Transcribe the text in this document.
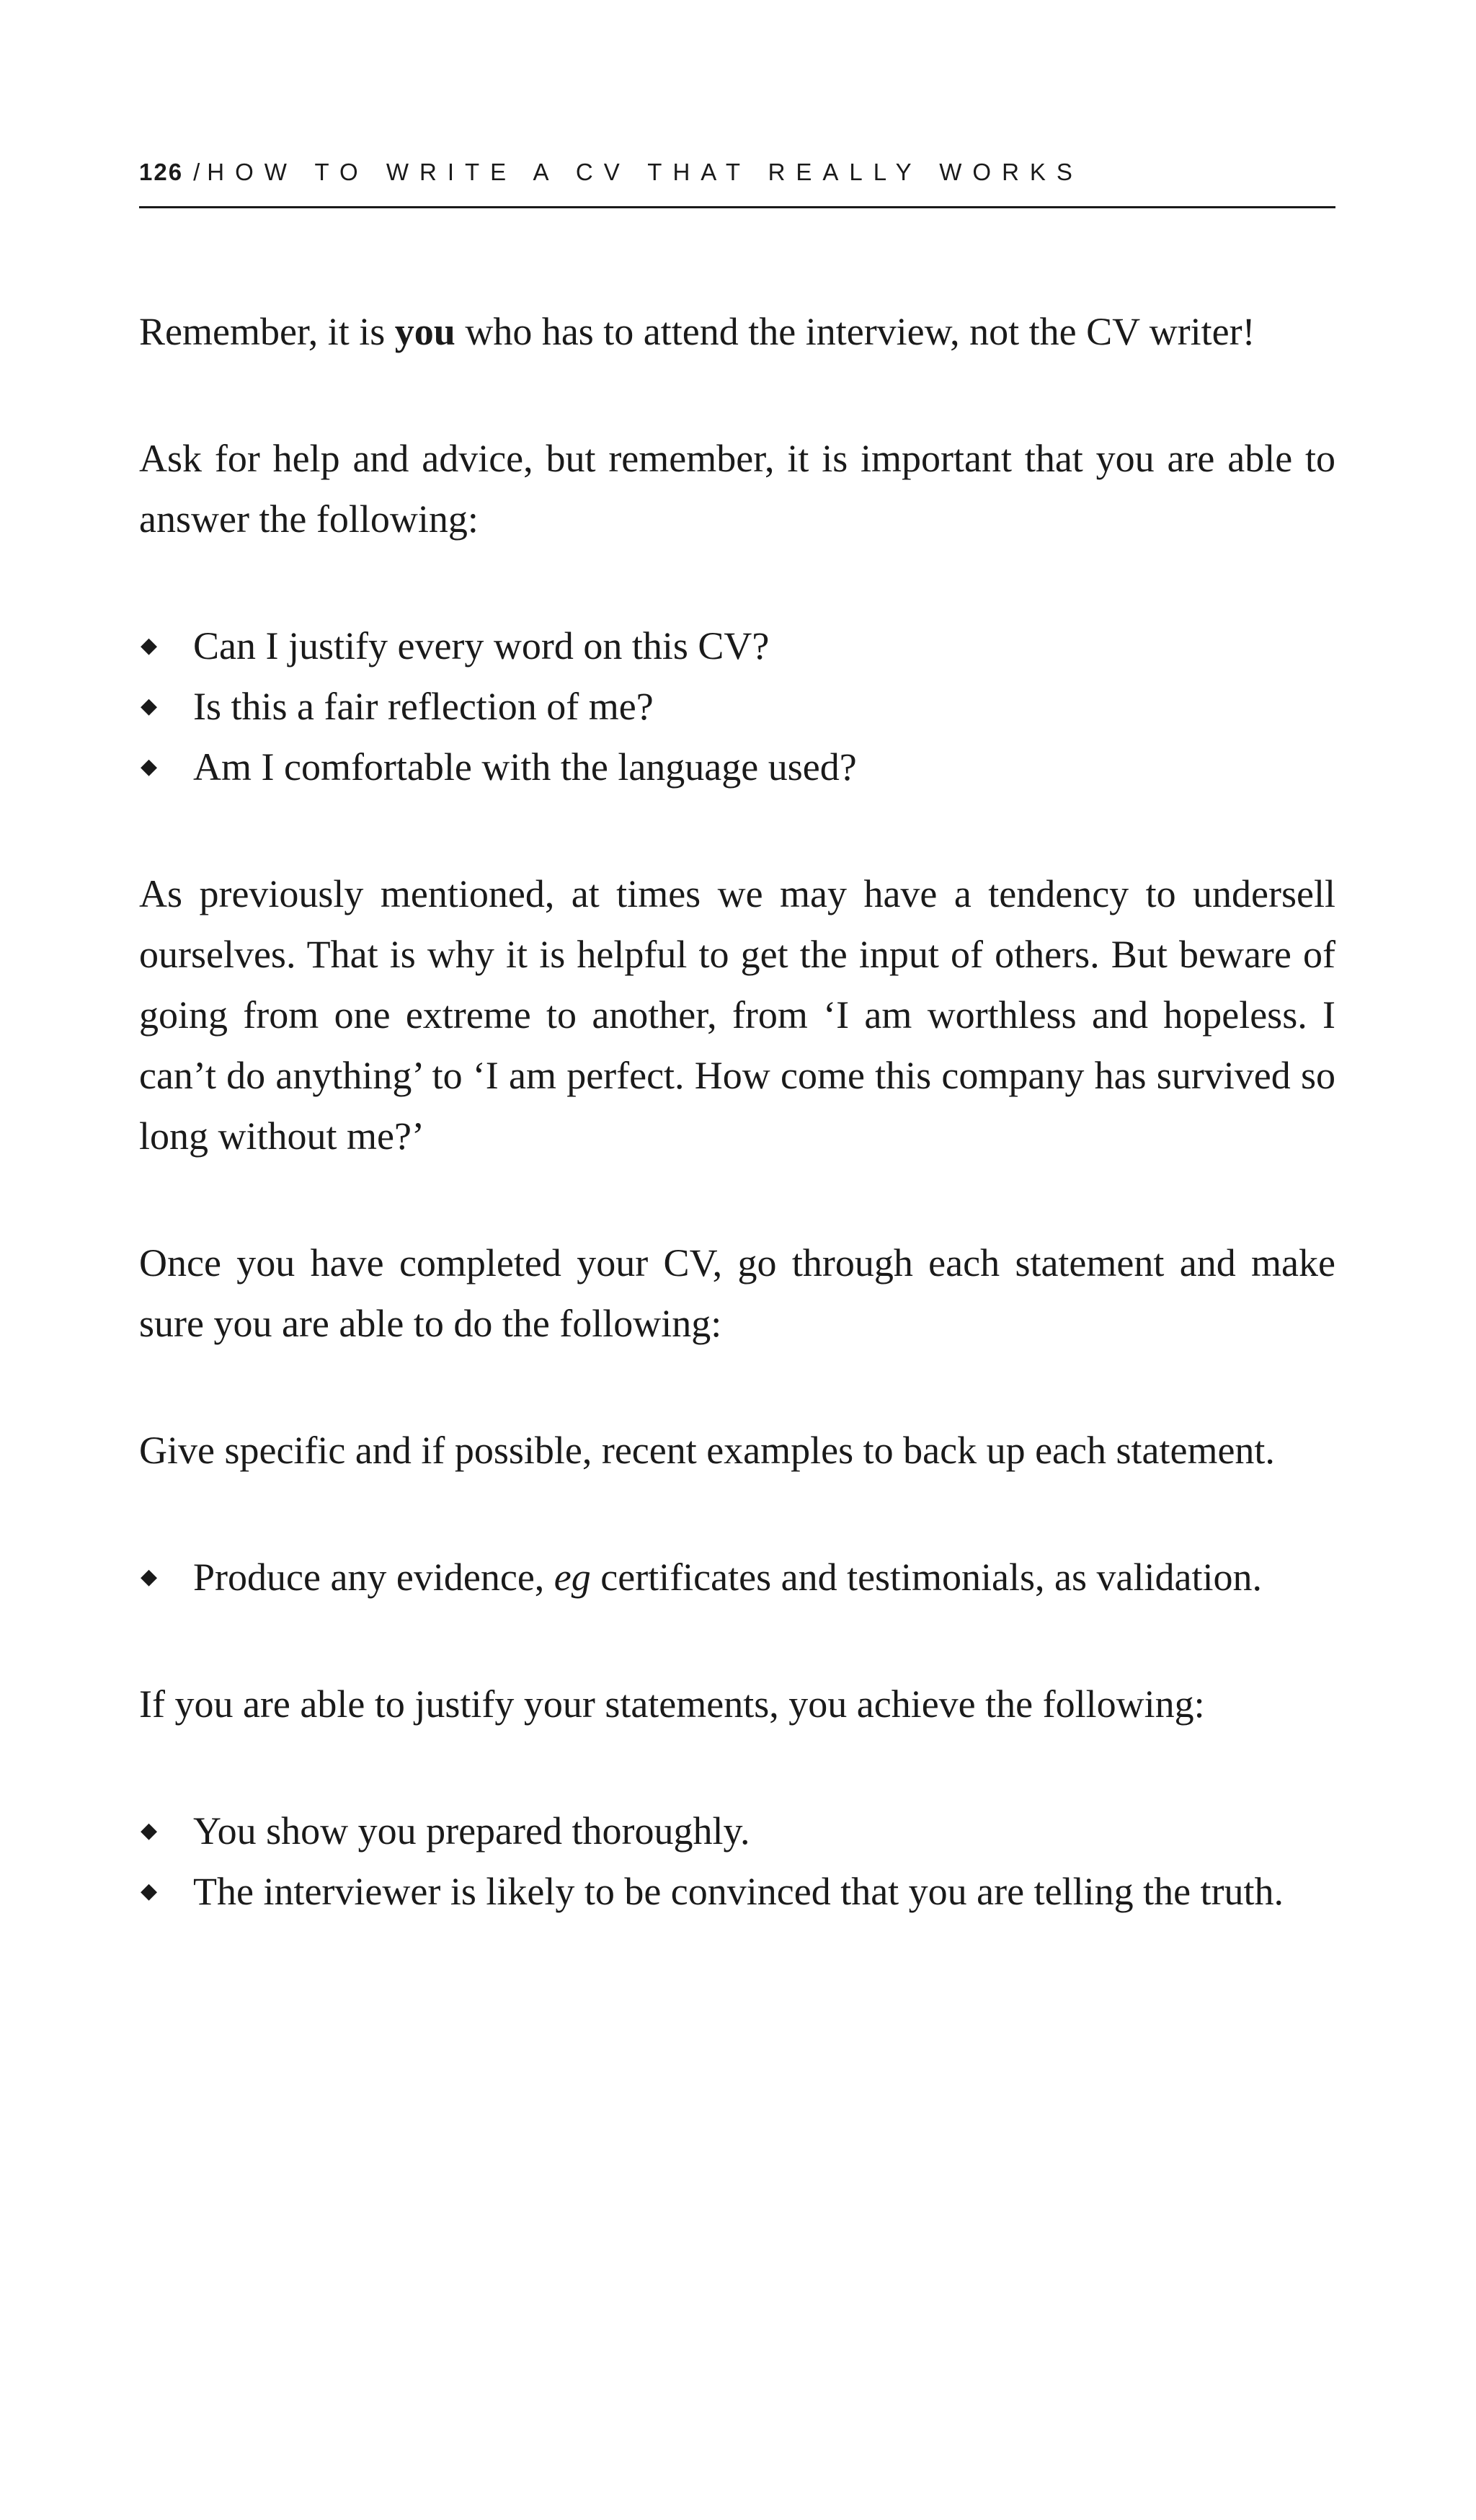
126 /HOW TO WRITE A CV THAT REALLY WORKS

Remember, it is you who has to attend the interview, not the CV writer!

Ask for help and advice, but remember, it is important that you are able to answer the following:

◆ Can I justify every word on this CV?
◆ Is this a fair reflection of me?
◆ Am I comfortable with the language used?

As previously mentioned, at times we may have a tendency to undersell ourselves. That is why it is helpful to get the input of others. But beware of going from one extreme to another, from ‘I am worthless and hopeless. I can’t do anything’ to ‘I am perfect. How come this company has survived so long without me?’

Once you have completed your CV, go through each statement and make sure you are able to do the following:

Give specific and if possible, recent examples to back up each statement.

◆ Produce any evidence, eg certificates and testimonials, as validation.

If you are able to justify your statements, you achieve the following:

◆ You show you prepared thoroughly.
◆ The interviewer is likely to be convinced that you are telling the truth.
